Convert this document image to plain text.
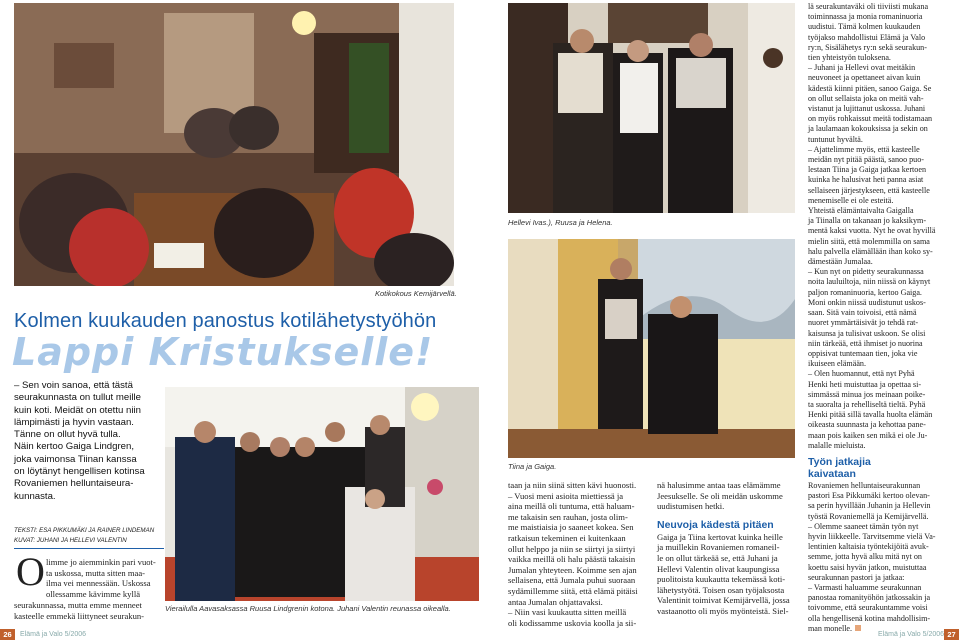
Kotikokous Kemijärvellä.
Hellevi Ivas.), Ruusa ja Helena.
Tiina ja Gaiga.
Vierailulla Aavasaksassa Ruusa Lindgrenin kotona. Juhani Valentin reunassa oikealla.
Kolmen kuukauden panostus kotilähetystyöhön
Lappi Kristukselle!

– Sen voin sanoa, että tästä

seurakunnasta on tullut meille

kuin koti. Meidät on otettu niin

lämpimästi ja hyvin vastaan.

Tänne on ollut hyvä tulla.

Näin kertoo Gaiga Lindgren,

joka vaimonsa Tiinan kanssa

on löytänyt hengellisen kotinsa

Rovaniemen helluntaiseura-

kunnasta.

TEKSTI: ESA PIKKUMÄKI JA RAINER LINDEMAN

KUVAT: JUHANI JA HELLEVI VALENTIN

O limme jo aiemminkin pari vuot-
ta uskossa, mutta sitten maa-
ilma vei mennessään. Uskossa
ollessamme kävimme kyllä
seurakunnassa, mutta emme menneet
kasteelle emmekä liittyneet seurakun-
taan ja niin siinä sitten kävi huonosti.
– Vuosi meni asioita miettiessä ja
aina meillä oli tuntuma, että haluam-
me takaisin sen rauhan, josta olim-
me maistiaisia jo saaneet kokea. Sen
ratkaisun tekeminen ei kuitenkaan
ollut helppo ja niin se siirtyi ja siirtyi
vaikka meillä oli halu päästä takaisin
Jumalan yhteyteen. Koimme sen ajan
sellaisena, että Jumala puhui suoraan
sydämillemme siitä, että elämä pitäisi
antaa Jumalan ohjattavaksi.
– Niin vasi kuukautta sitten meillä
oli kodissamme uskovia koolla ja sii-
nä halusimme antaa taas elämämme
Jeesukselle. Se oli meidän uskomme
uudistumisen hetki.
Neuvoja kädestä pitäen
Gaiga ja Tiina kertovat kuinka heille
ja muillekin Rovaniemen romaneil-
le on ollut tärkeää se, että Juhani ja
Hellevi Valentin olivat kaupungissa
puolitoista kuukautta tekemässä koti-
lähetystyötä. Toisen osan työjaksosta
Valentinit toimivat Kemijärvellä, jossa
vastaanotto oli myös myönteistä. Siel-
lä seurakuntaväki oli tiiviisti mukana
toiminnassa ja monia romaninuoria
uudistui. Tämä kolmen kuukauden
työjakso mahdollistui Elämä ja Valo
ry:n, Sisälähetys ry:n sekä seurakun-
tien yhteistyön tuloksena.
– Juhani ja Hellevi ovat meitäkin
neuvoneet ja opettaneet aivan kuin
kädestä kiinni pitäen, sanoo Gaiga. Se
on ollut sellaista joka on meitä vah-
vistanut ja lujittanut uskossa. Juhani
on myös rohkaissut meitä todistamaan
ja laulamaan kokouksissa ja sekin on
tuntunut hyvältä.
– Ajattelimme myös, että kasteelle
meidän nyt pitää päästä, sanoo puo-
lestaan Tiina ja Gaiga jatkaa kertoen
kuinka he halusivat heti panna asiat
sellaiseen järjestykseen, että kasteelle
menemiselle ei ole esteitä.
Yhteistä elämäntaivalta Gaigalla
ja Tiinalla on takanaan jo kaksikym-
mentä kaksi vuotta. Nyt he ovat hyvillä
mielin siitä, että molemmilla on sama
halu palvella elämällään ihan koko sy-
dämestään Jumalaa.
– Kun nyt on pidetty seurakunnassa
noita lauluiltoja, niin niissä on käynyt
paljon romaninuoria, kertoo Gaiga.
Moni onkin niissä uudistunut uskos-
saan. Sitä vain toivoisi, että nämä
nuoret ymmärtäisivät jo tehdä rat-
kaisunsa ja tulisivat uskoon. Se olisi
niin tärkeää, että ihmiset jo nuorina
oppisivat tuntemaan tien, joka vie
ikuiseen elämään.
– Olen huomannut, että nyt Pyhä
Henki heti muistuttaa ja opettaa si-
simmässä minua jos meinaan poike-
ta suoralta ja rehelliseltä tieltä. Pyhä
Henki pitää sillä tavalla huolta elämän
oikeasta suunnasta ja kehottaa pane-
maan pois kaiken sen mikä ei ole Ju-
malalle mieluista.
Työn jatkajia
kaivataan
Rovaniemen helluntaiseurakunnan
pastori Esa Pikkumäki kertoo olevan-
sa perin hyvillään Juhanin ja Hellevin
työstä Rovaniemellä ja Kemijärvellä.
– Olemme saaneet tämän työn nyt
hyvin liikkeelle. Tarvitsemme vielä Va-
lentinien kaltaisia työntekijöitä avuk-
semme, jotta hyvä alku mitä nyt on
koettu saisi hyvän jatkon, muistuttaa
seurakunnan pastori ja jatkaa:
– Varmasti haluamme seurakunnan
panostaa romanityöhön jatkossakin ja
toivomme, että seurakuntamme voisi
olla hengellisenä kotina mahdollisim-
man monelle.
26	Elämä ja Valo 5/2006	Elämä ja Valo 5/2006 27
